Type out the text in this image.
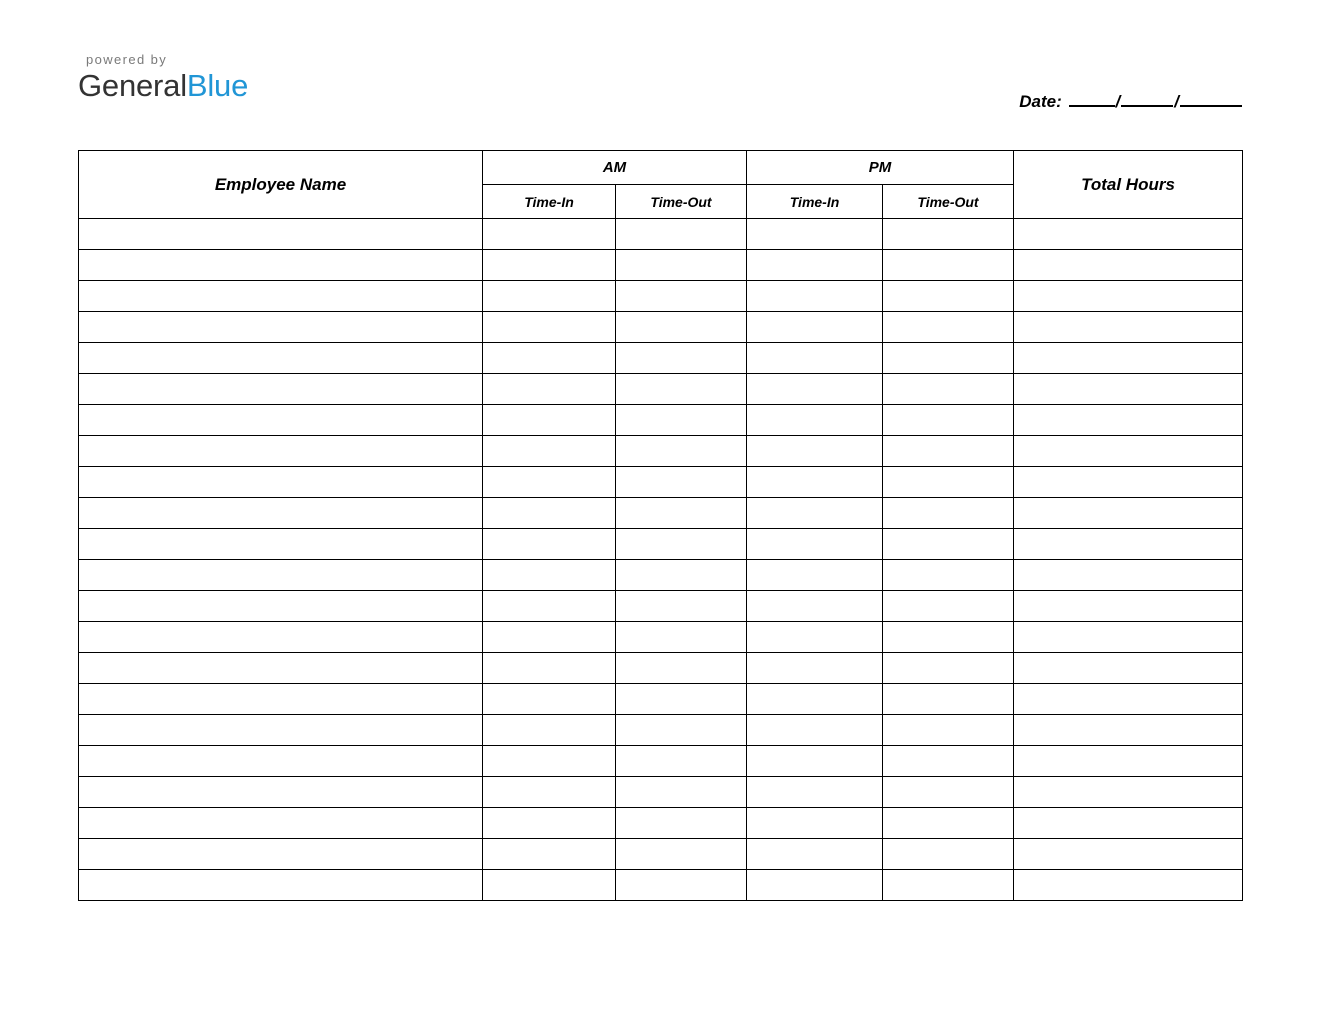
powered by
GeneralBlue	Date:	/	/
Employee Name	AM		PM		Total Hours
	Time-In	Time-Out	Time-In	Time-Out	
